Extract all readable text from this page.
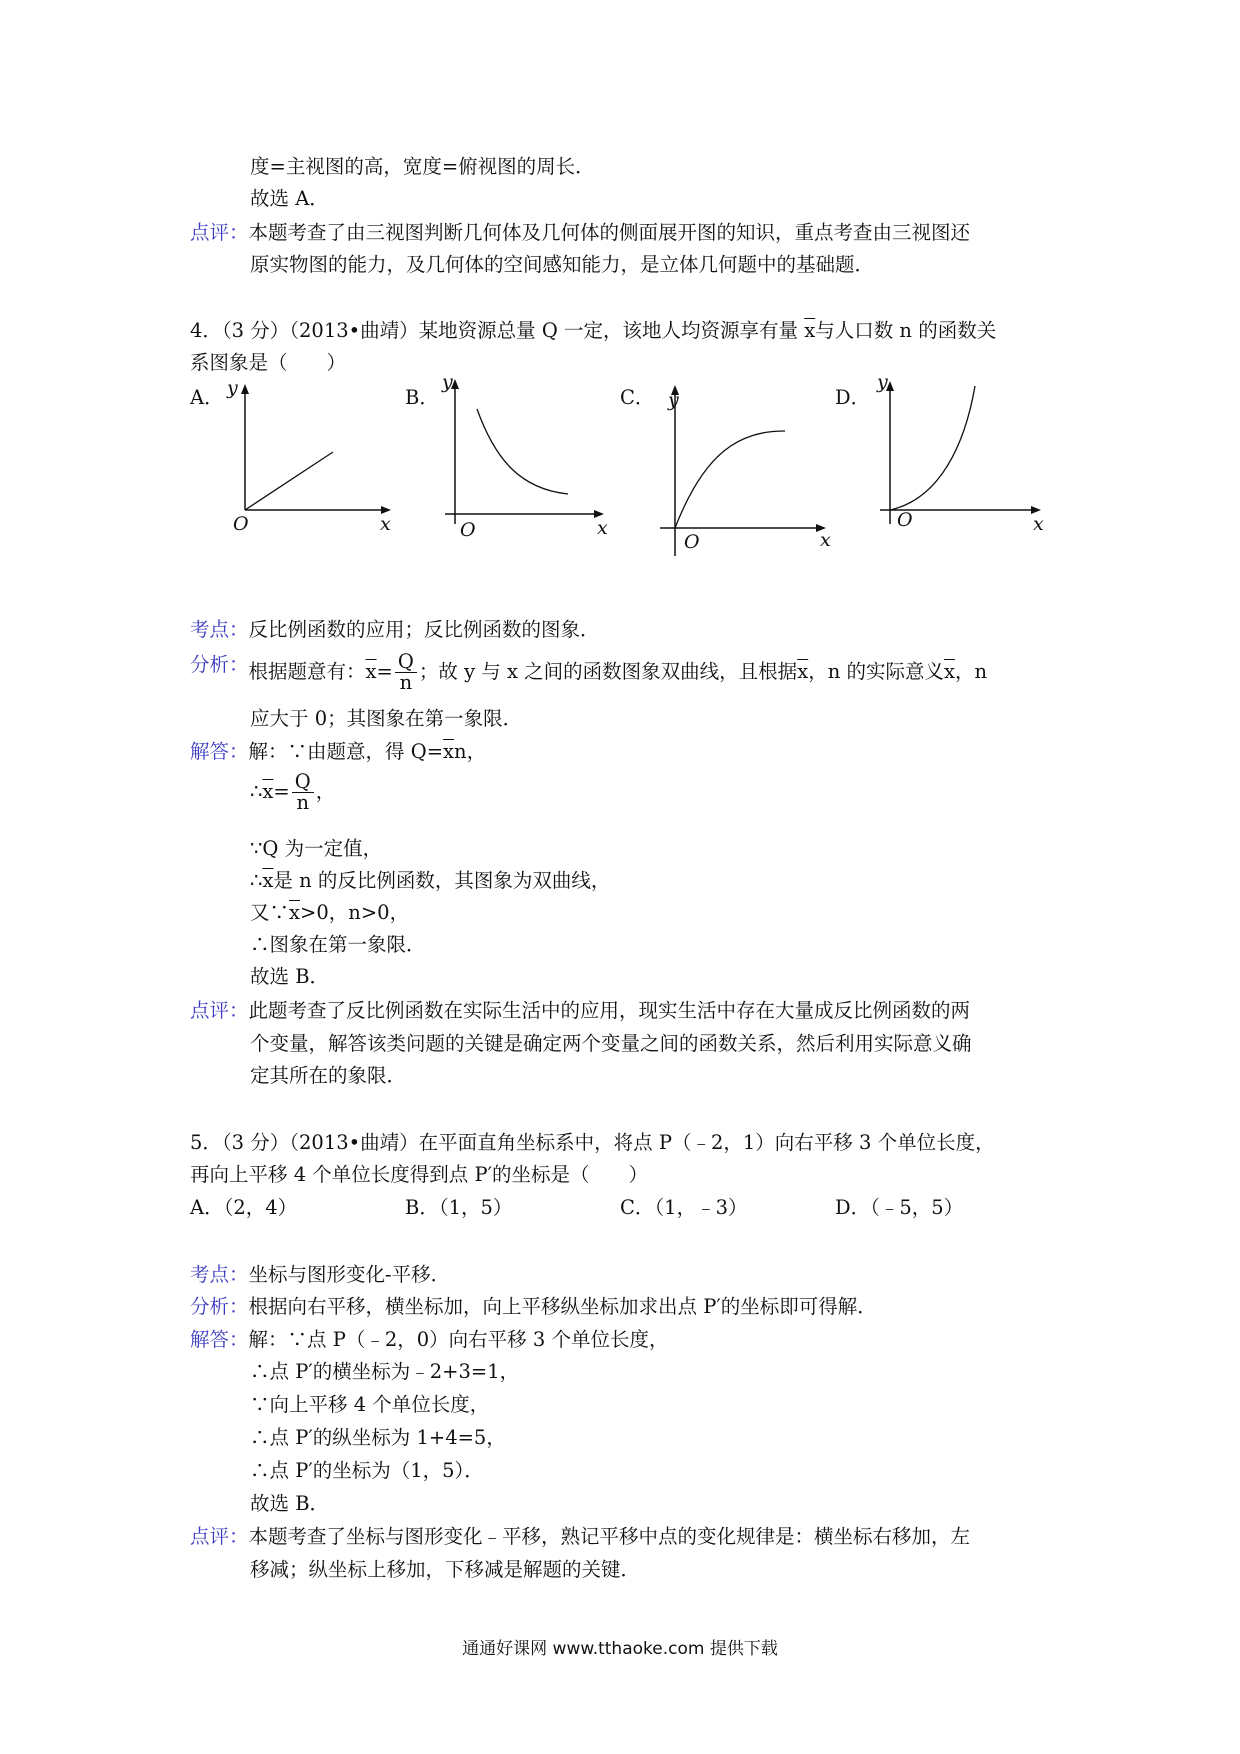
度=主视图的高，宽度=俯视图的周长．
故选 A．
点评：本题考查了由三视图判断几何体及几何体的侧面展开图的知识，重点考查由三视图还
原实物图的能力，及几何体的空间感知能力，是立体几何题中的基础题．
4．（3 分）（2013•曲靖）某地资源总量 Q 一定，该地人均资源享有量 $\overline{x}$与人口数 n 的函数关
系图象是（　　）
A．	B．	C．	D．
y
x
O
y
x
O
y
x
O
y
x
O
考点：反比例函数的应用；反比例函数的图象．
分析：根据题意有：$\overline{x}= \frac{Q}{n}$ ；故 y 与 x 之间的函数图象双曲线，且根据$\overline{x}$，n 的实际意义$\overline{x}$，n
应大于 0；其图象在第一象限．
解答：解：∵由题意，得 $Q=\overline{x}n$，
$\therefore\overline{x}= \frac{Q}{n}$ ，
∵Q 为一定值，
$\therefore\overline{x}$是 n 的反比例函数，其图象为双曲线，
又$\because\overline{x}>0$，n>0，
∴图象在第一象限．
故选 B．
点评：此题考查了反比例函数在实际生活中的应用，现实生活中存在大量成反比例函数的两
个变量，解答该类问题的关键是确定两个变量之间的函数关系，然后利用实际意义确
定其所在的象限．
5．（3 分）（2013•曲靖）在平面直角坐标系中，将点 P（﹣2，1）向右平移 3 个单位长度，
再向上平移 4 个单位长度得到点 P′的坐标是（　　）
A．（2，4）	B．（1，5）	C．（1，﹣3）	D．（﹣5，5）
考点：坐标与图形变化-平移．
分析：根据向右平移，横坐标加，向上平移纵坐标加求出点 P′的坐标即可得解．
解答：解：∵点 P（﹣2，0）向右平移 3 个单位长度，
∴点 P′的横坐标为﹣2+3=1，
∵向上平移 4 个单位长度，
∴点 P′的纵坐标为 1+4=5，
∴点 P′的坐标为（1，5）．
故选 B．
点评：本题考查了坐标与图形变化﹣平移，熟记平移中点的变化规律是：横坐标右移加，左
移减；纵坐标上移加，下移减是解题的关键．
通通好课网 www.tthaoke.com 提供下载
